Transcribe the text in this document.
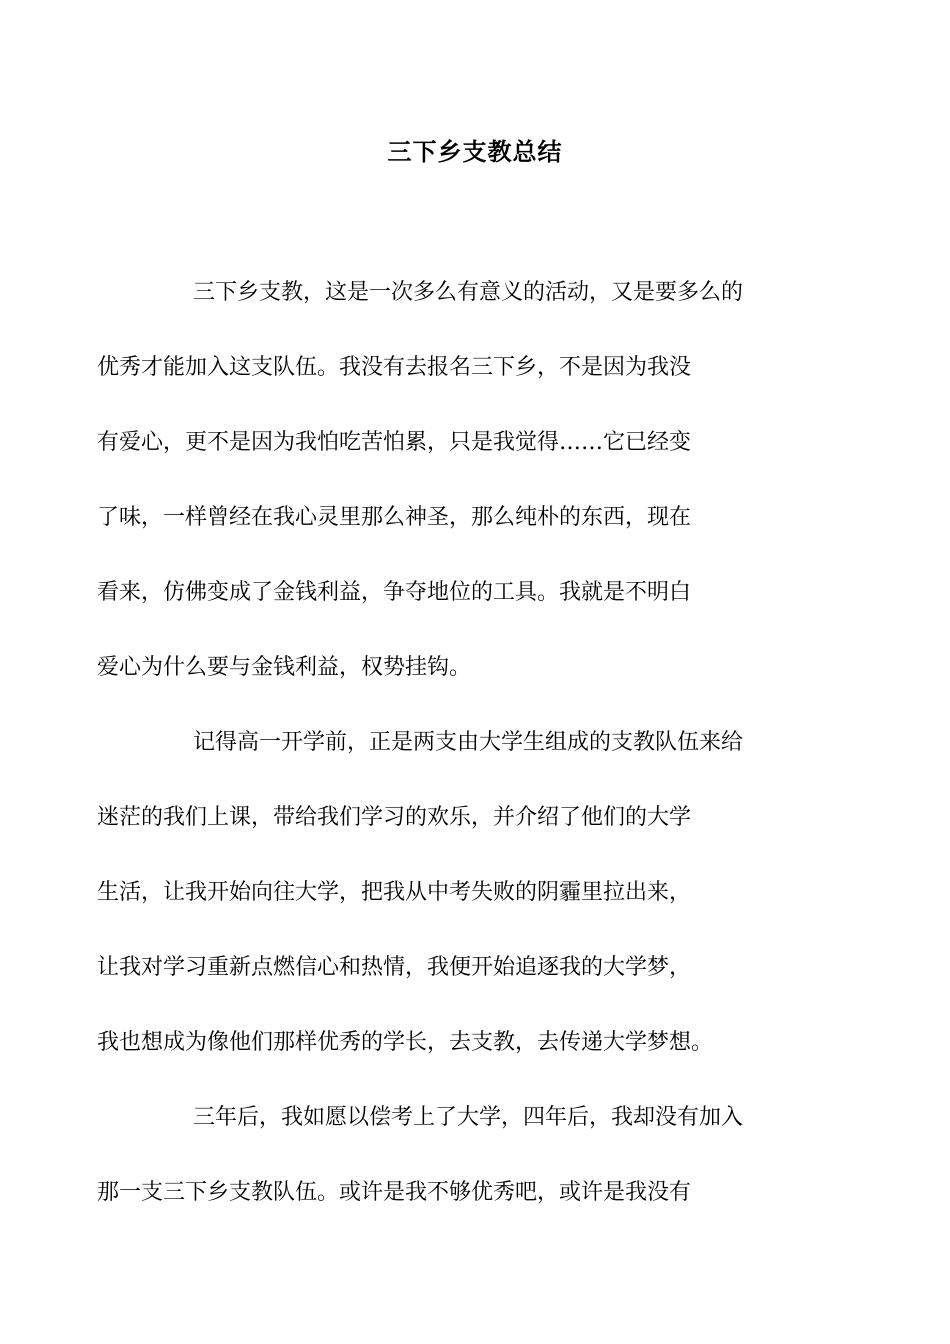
三下乡支教总结

三下乡支教，这是一次多么有意义的活动，又是要多么的
优秀才能加入这支队伍。我没有去报名三下乡，不是因为我没
有爱心，更不是因为我怕吃苦怕累，只是我觉得……它已经变
了味，一样曾经在我心灵里那么神圣，那么纯朴的东西，现在
看来，仿佛变成了金钱利益，争夺地位的工具。我就是不明白
爱心为什么要与金钱利益，权势挂钩。

记得高一开学前，正是两支由大学生组成的支教队伍来给
迷茫的我们上课，带给我们学习的欢乐，并介绍了他们的大学
生活，让我开始向往大学，把我从中考失败的阴霾里拉出来，
让我对学习重新点燃信心和热情，我便开始追逐我的大学梦，
我也想成为像他们那样优秀的学长，去支教，去传递大学梦想。

三年后，我如愿以偿考上了大学，四年后，我却没有加入
那一支三下乡支教队伍。或许是我不够优秀吧，或许是我没有
